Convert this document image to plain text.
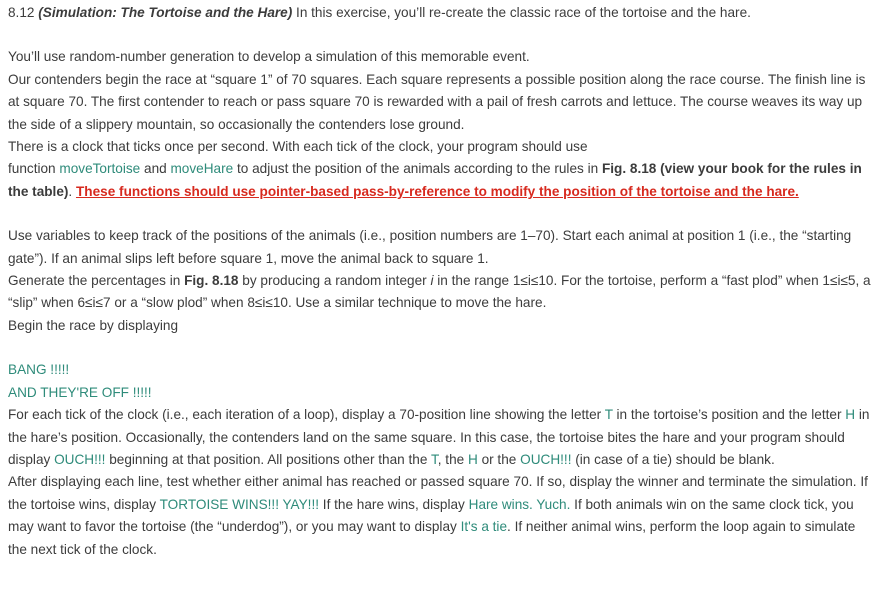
8.12 (Simulation: The Tortoise and the Hare) In this exercise, you’ll re-create the classic race of the tortoise and the hare.

You’ll use random-number generation to develop a simulation of this memorable event.

Our contenders begin the race at “square 1” of 70 squares. Each square represents a possible position along the race course. The finish line is at square 70. The first contender to reach or pass square 70 is rewarded with a pail of fresh carrots and lettuce. The course weaves its way up the side of a slippery mountain, so occasionally the contenders lose ground.

There is a clock that ticks once per second. With each tick of the clock, your program should use
function moveTortoise and moveHare to adjust the position of the animals according to the rules in Fig. 8.18 (view your book for the rules in the table). These functions should use pointer-based pass-by-reference to modify the position of the tortoise and the hare.

Use variables to keep track of the positions of the animals (i.e., position numbers are 1–70). Start each animal at position 1 (i.e., the “starting gate”). If an animal slips left before square 1, move the animal back to square 1.

Generate the percentages in Fig. 8.18 by producing a random integer i in the range 1≤i≤10. For the tortoise, perform a “fast plod” when 1≤i≤5, a “slip” when 6≤i≤7 or a “slow plod” when 8≤i≤10. Use a similar technique to move the hare.

Begin the race by displaying

BANG !!!!!

AND THEY'RE OFF !!!!!

For each tick of the clock (i.e., each iteration of a loop), display a 70-position line showing the letter T in the tortoise’s position and the letter H in the hare’s position. Occasionally, the contenders land on the same square. In this case, the tortoise bites the hare and your program should display OUCH!!! beginning at that position. All positions other than the T, the H or the OUCH!!! (in case of a tie) should be blank.

After displaying each line, test whether either animal has reached or passed square 70. If so, display the winner and terminate the simulation. If the tortoise wins, display TORTOISE WINS!!! YAY!!! If the hare wins, display Hare wins. Yuch. If both animals win on the same clock tick, you may want to favor the tortoise (the “underdog”), or you may want to display It's a tie. If neither animal wins, perform the loop again to simulate the next tick of the clock.
